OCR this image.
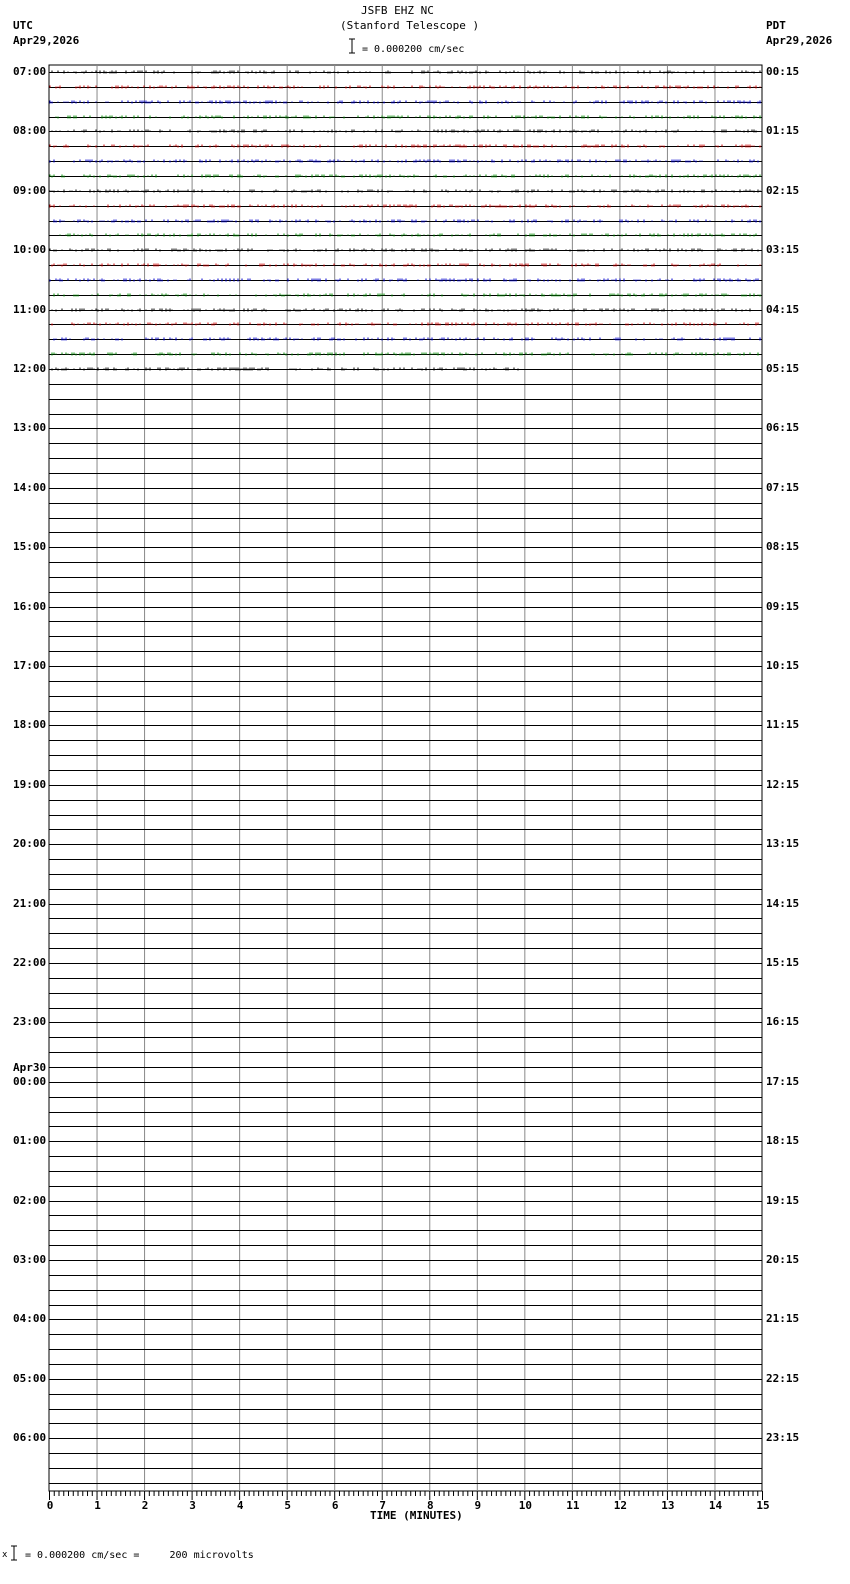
JSFB EHZ NC
(Stanford Telescope )
= 0.000200 cm/sec
UTC
Apr29,2026
PDT
Apr29,2026
0	1	2	3	4	5	6	7	8	9	10	11	12	13	14	15
07:00
08:00
09:00
10:00
11:00
12:00
13:00
14:00
15:00
16:00
17:00
18:00
19:00
20:00
21:00
22:00
23:00
00:00
Apr30
01:00
02:00
03:00
04:00
05:00
06:00
00:15
01:15
02:15
03:15
04:15
05:15
06:15
07:15
08:15
09:15
10:15
11:15
12:15
13:15
14:15
15:15
16:15
17:15
18:15
19:15
20:15
21:15
22:15
23:15
TIME (MINUTES)
x = 0.000200 cm/sec =     200 microvolts
